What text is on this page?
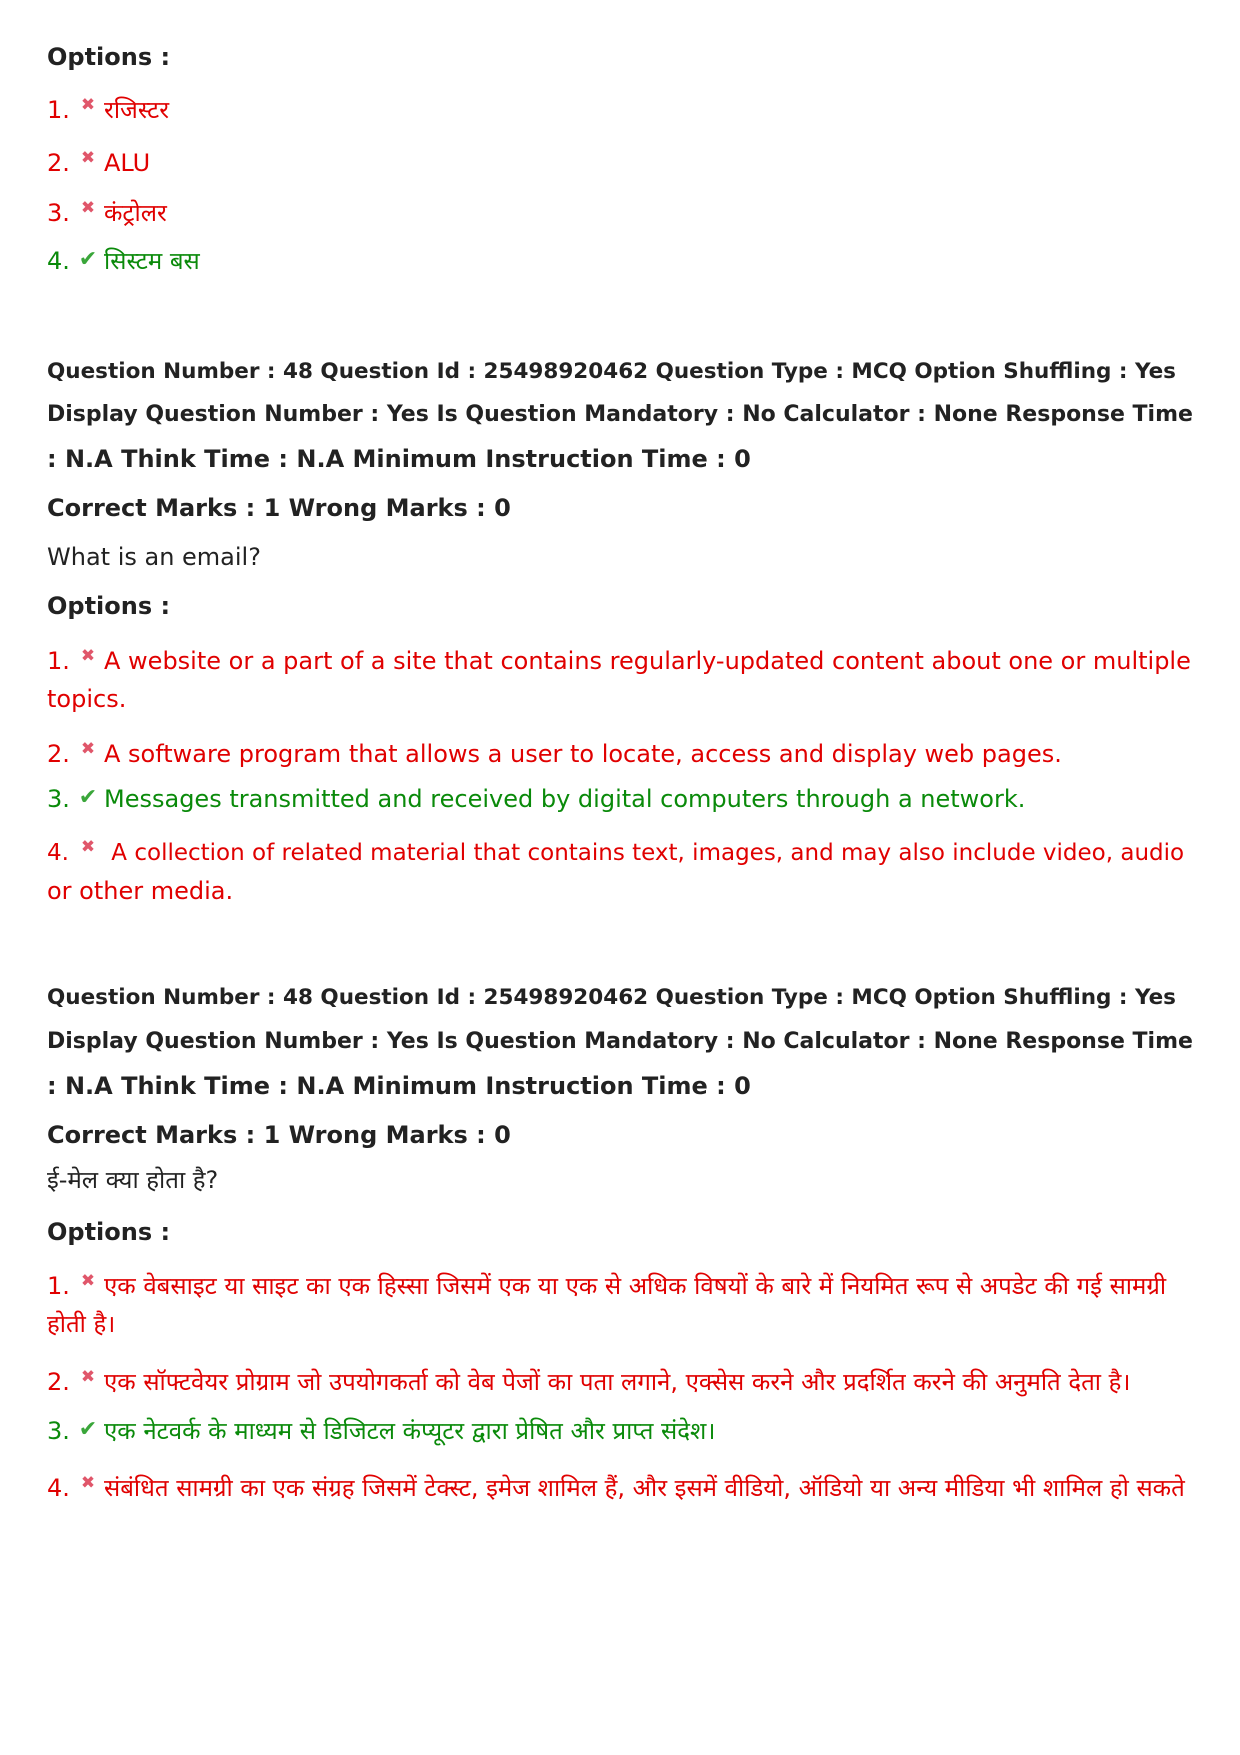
Options :
1. ✖ रजिस्टर
2. ✖ ALU
3. ✖ कंट्रोलर
4. ✔ सिस्टम बस
Question Number : 48 Question Id : 25498920462 Question Type : MCQ Option Shuffling : Yes
Display Question Number : Yes Is Question Mandatory : No Calculator : None Response Time
: N.A Think Time : N.A Minimum Instruction Time : 0
Correct Marks : 1 Wrong Marks : 0
What is an email?
Options :
1. ✖ A website or a part of a site that contains regularly-updated content about one or multiple
topics.
2. ✖ A software program that allows a user to locate, access and display web pages.
3. ✔ Messages transmitted and received by digital computers through a network.
4. ✖ A collection of related material that contains text, images, and may also include video, audio
or other media.
Question Number : 48 Question Id : 25498920462 Question Type : MCQ Option Shuffling : Yes
Display Question Number : Yes Is Question Mandatory : No Calculator : None Response Time
: N.A Think Time : N.A Minimum Instruction Time : 0
Correct Marks : 1 Wrong Marks : 0
ई-मेल क्या होता है?
Options :
1. ✖ एक वेबसाइट या साइट का एक हिस्सा जिसमें एक या एक से अधिक विषयों के बारे में नियमित रूप से अपडेट की गई सामग्री
होती है।
2. ✖ एक सॉफ्टवेयर प्रोग्राम जो उपयोगकर्ता को वेब पेजों का पता लगाने, एक्सेस करने और प्रदर्शित करने की अनुमति देता है।
3. ✔ एक नेटवर्क के माध्यम से डिजिटल कंप्यूटर द्वारा प्रेषित और प्राप्त संदेश।
4. ✖ संबंधित सामग्री का एक संग्रह जिसमें टेक्स्ट, इमेज शामिल हैं, और इसमें वीडियो, ऑडियो या अन्य मीडिया भी शामिल हो सकते
